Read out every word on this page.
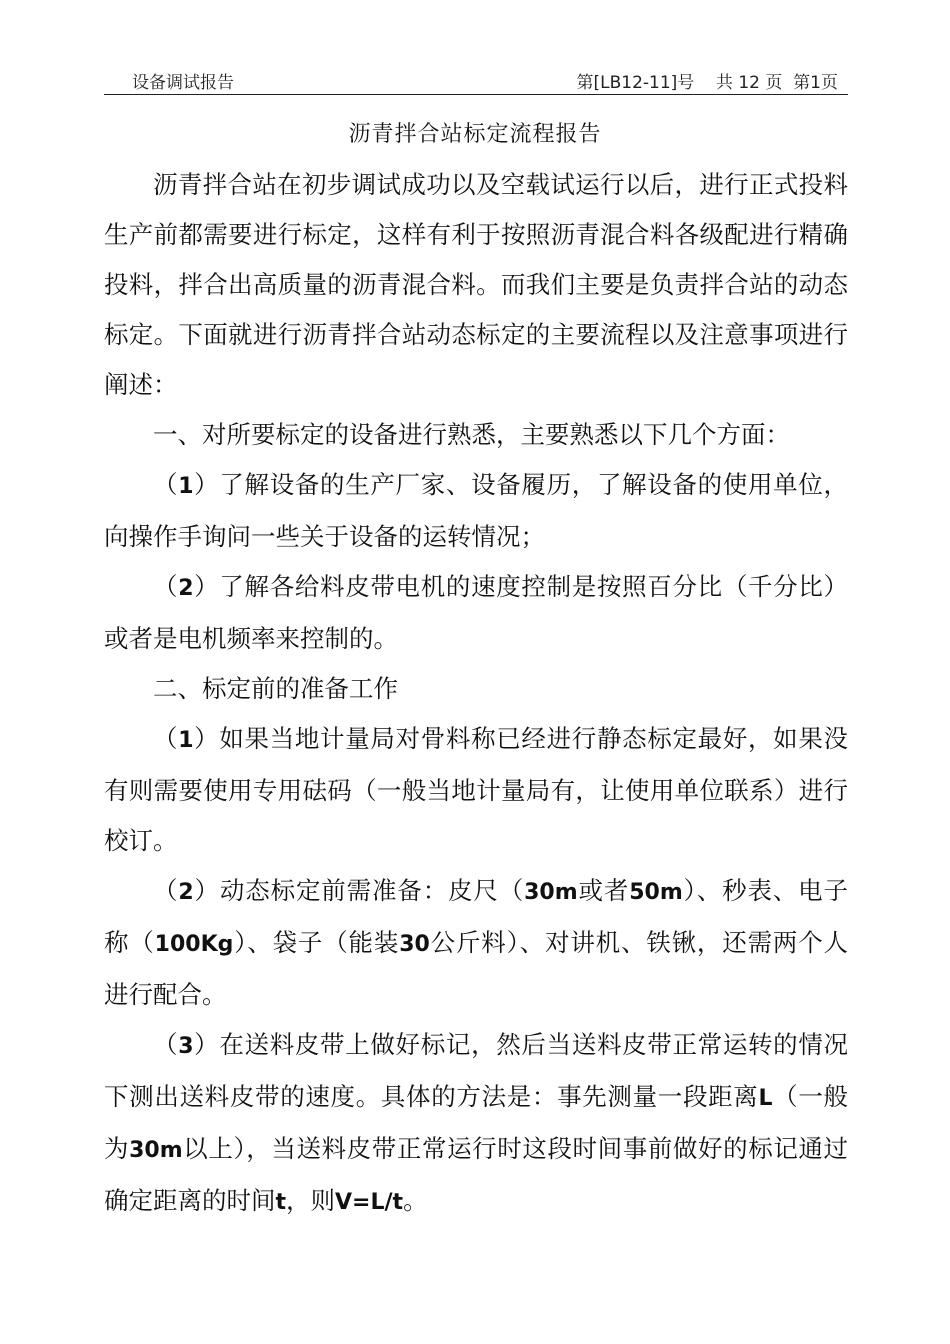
设备调试报告	第[LB12-11]号    共 12 页  第1页
沥青拌合站标定流程报告

沥青拌合站在初步调试成功以及空载试运行以后，进行正式投料生产前都需要进行标定，这样有利于按照沥青混合料各级配进行精确投料，拌合出高质量的沥青混合料。而我们主要是负责拌合站的动态标定。下面就进行沥青拌合站动态标定的主要流程以及注意事项进行阐述：

一、对所要标定的设备进行熟悉，主要熟悉以下几个方面：

（1）了解设备的生产厂家、设备履历，了解设备的使用单位，向操作手询问一些关于设备的运转情况；

（2）了解各给料皮带电机的速度控制是按照百分比（千分比）或者是电机频率来控制的。

二、标定前的准备工作

（1）如果当地计量局对骨料称已经进行静态标定最好，如果没有则需要使用专用砝码（一般当地计量局有，让使用单位联系）进行校订。

（2）动态标定前需准备：皮尺（30m或者50m）、秒表、电子称（100Kg）、袋子（能装30公斤料）、对讲机、铁锹，还需两个人进行配合。

（3）在送料皮带上做好标记，然后当送料皮带正常运转的情况下测出送料皮带的速度。具体的方法是：事先测量一段距离L（一般为30m以上），当送料皮带正常运行时这段时间事前做好的标记通过确定距离的时间t，则V=L/t。
